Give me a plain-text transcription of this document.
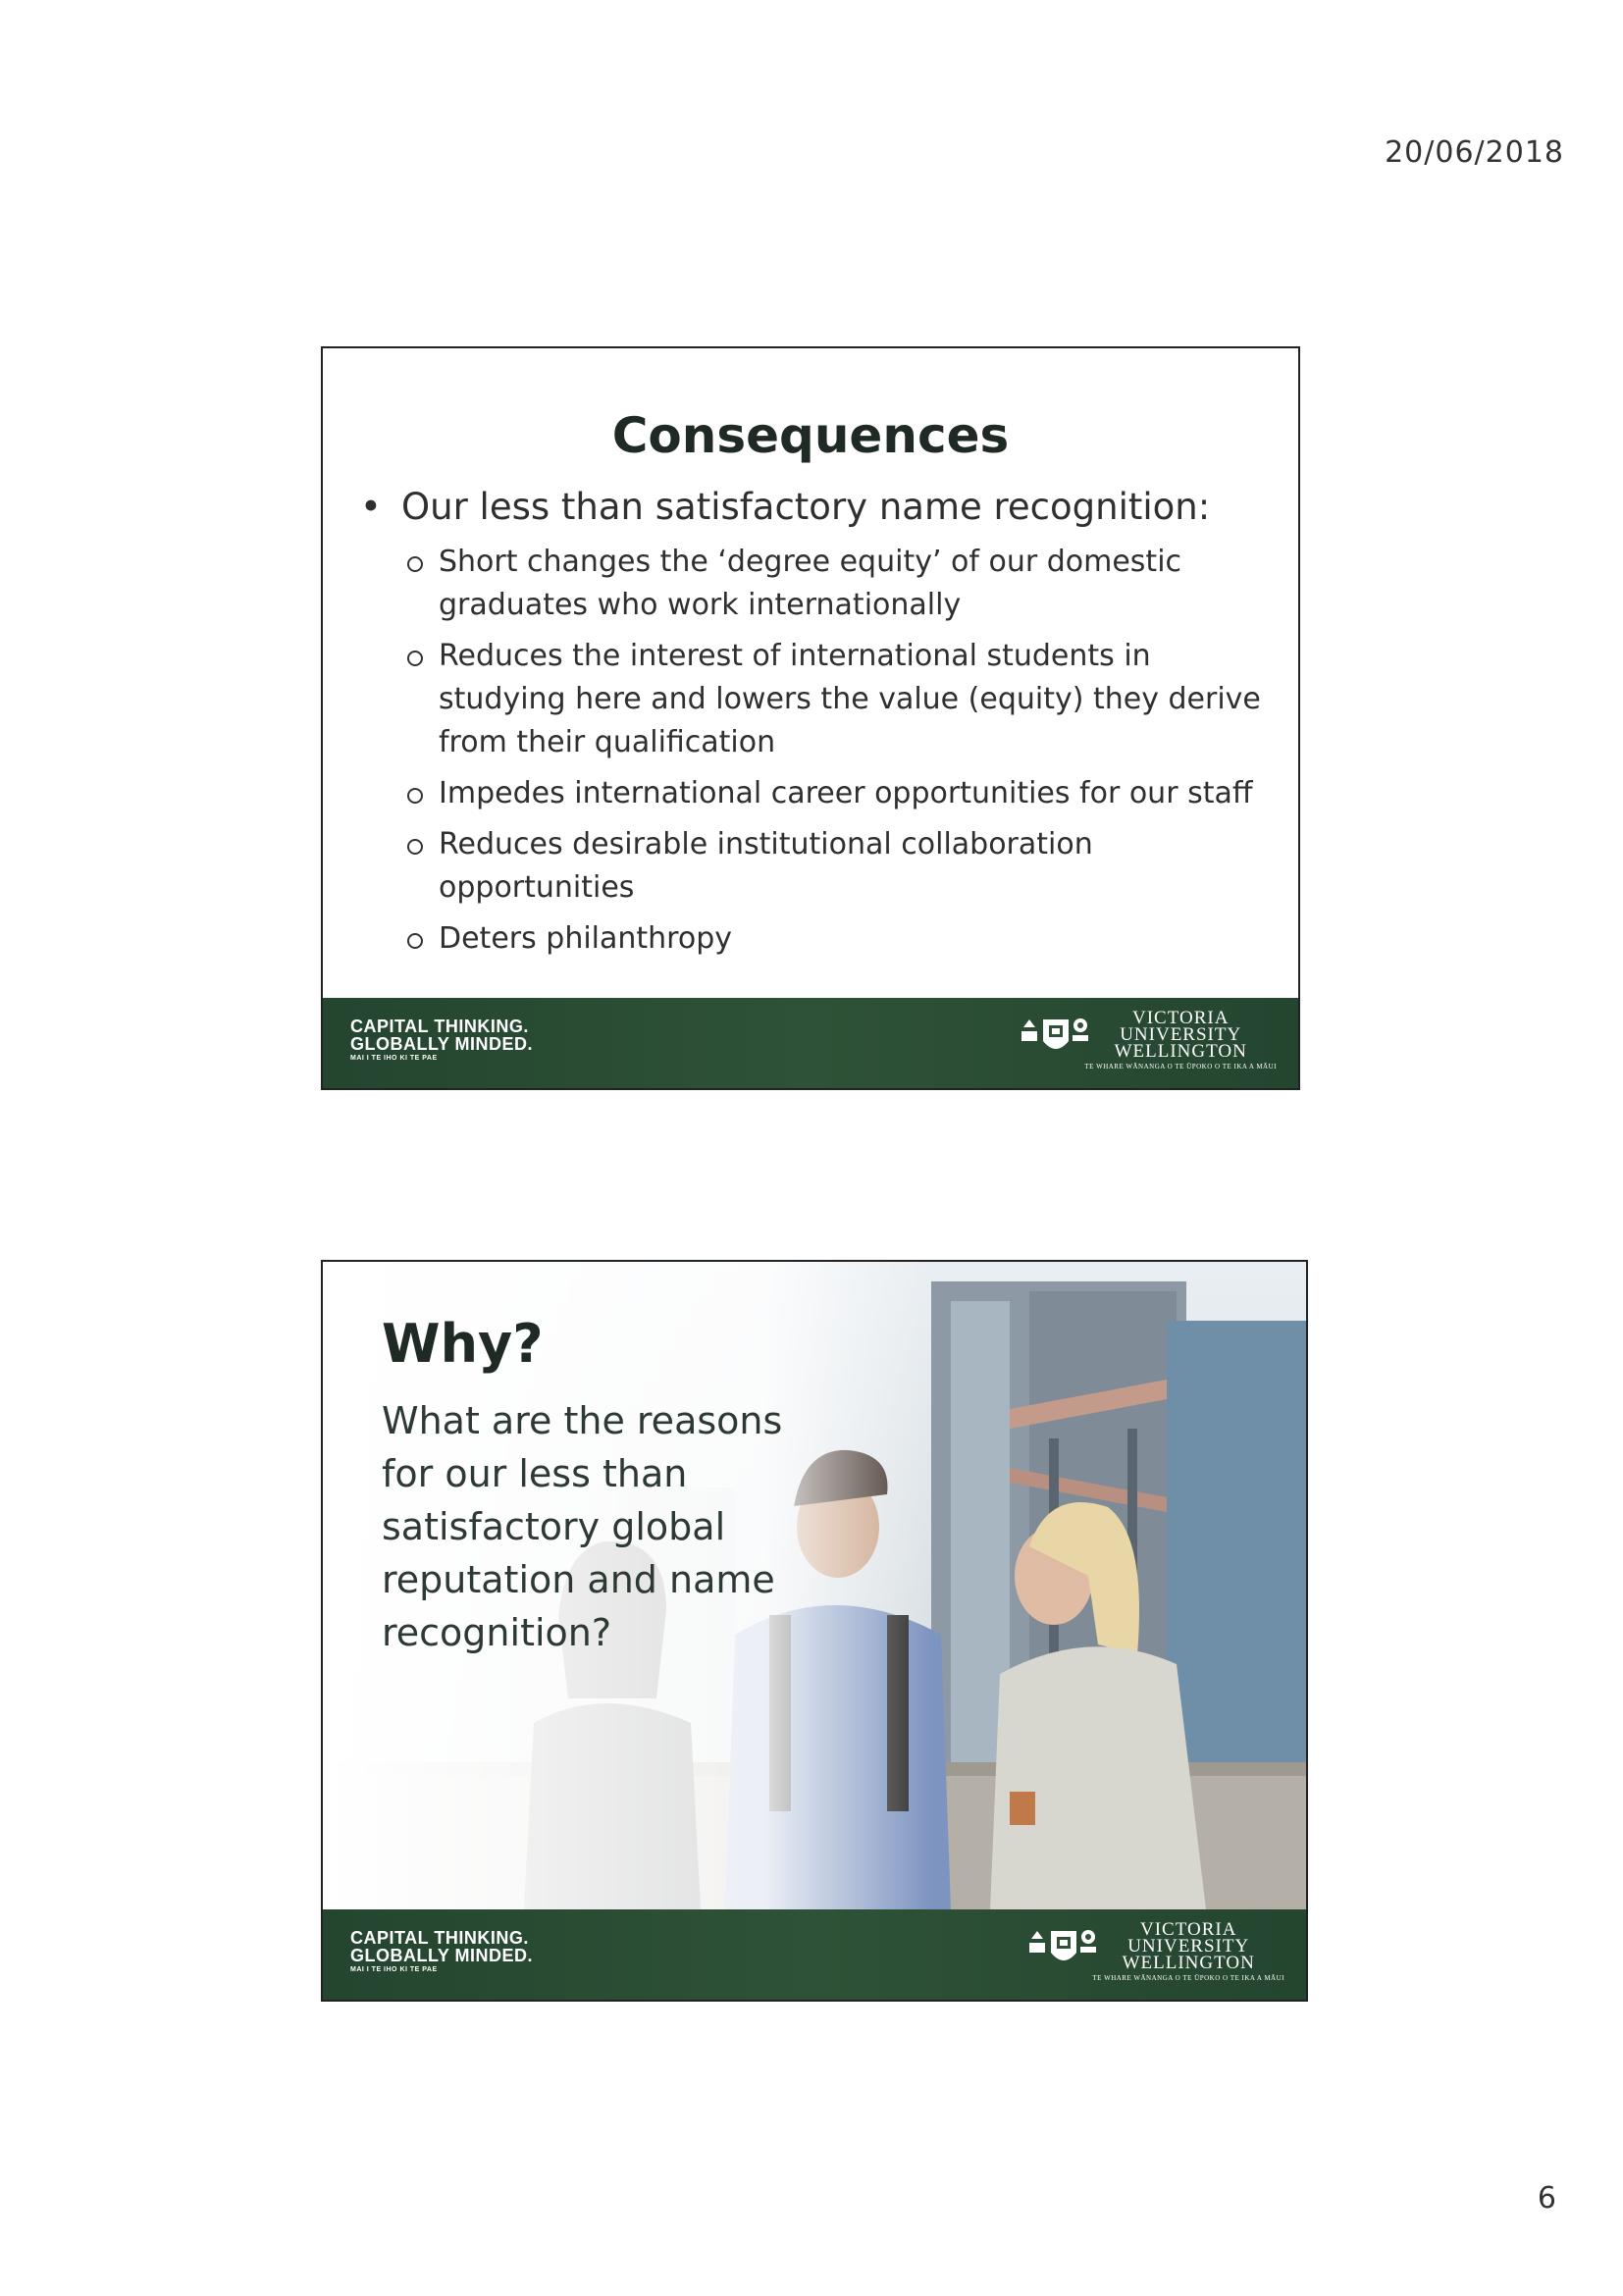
20/06/2018
Consequences
• Our less than satisfactory name recognition:
Short changes the ‘degree equity’ of our domestic graduates who work internationally
Reduces the interest of international students in studying here and lowers the value (equity) they derive from their qualification
Impedes international career opportunities for our staff
Reduces desirable institutional collaboration opportunities
Deters philanthropy
CAPITAL THINKING.
GLOBALLY MINDED.
MAI I TE IHO KI TE PAE
VICTORIA
UNIVERSITY
WELLINGTON
TE WHARE WĀNANGA O TE ŪPOKO O TE IKA A MĀUI
Why?
What are the reasons for our less than satisfactory global reputation and name recognition?
CAPITAL THINKING.
GLOBALLY MINDED.
MAI I TE IHO KI TE PAE
VICTORIA
UNIVERSITY
WELLINGTON
TE WHARE WĀNANGA O TE ŪPOKO O TE IKA A MĀUI
6
